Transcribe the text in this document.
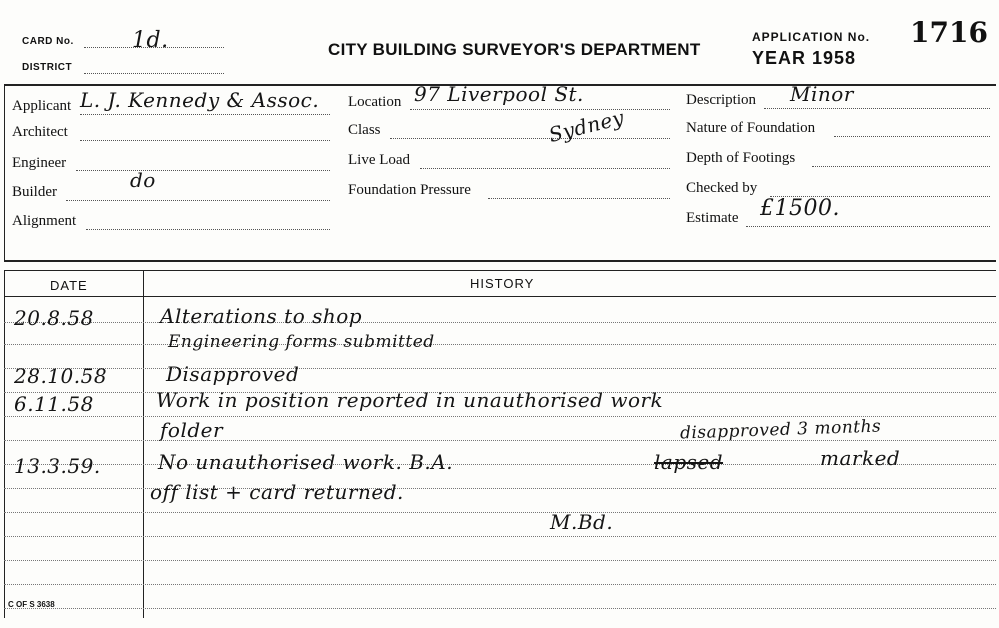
CARD No.	1d.
DISTRICT
CITY BUILDING SURVEYOR'S DEPARTMENT
APPLICATION No.
YEAR 1958
1716
Applicant L. J. Kennedy & Assoc.
Architect
Engineer
Builder	do
Alignment
Location 97 Liverpool St.
Class	Sydney
Live Load
Foundation Pressure
Description Minor
Nature of Foundation
Depth of Footings
Checked by
Estimate £1500.
DATE	HISTORY
20.8.58	Alterations to shop
Engineering forms submitted
28.10.58	Disapproved
6.11.58	Work in position reported in unauthorised work
folder	disapproved 3 months
13.3.59.	No unauthorised work. B.A.	lapsed	marked
off list + card returned.
M.Bd.
C OF S 3638
